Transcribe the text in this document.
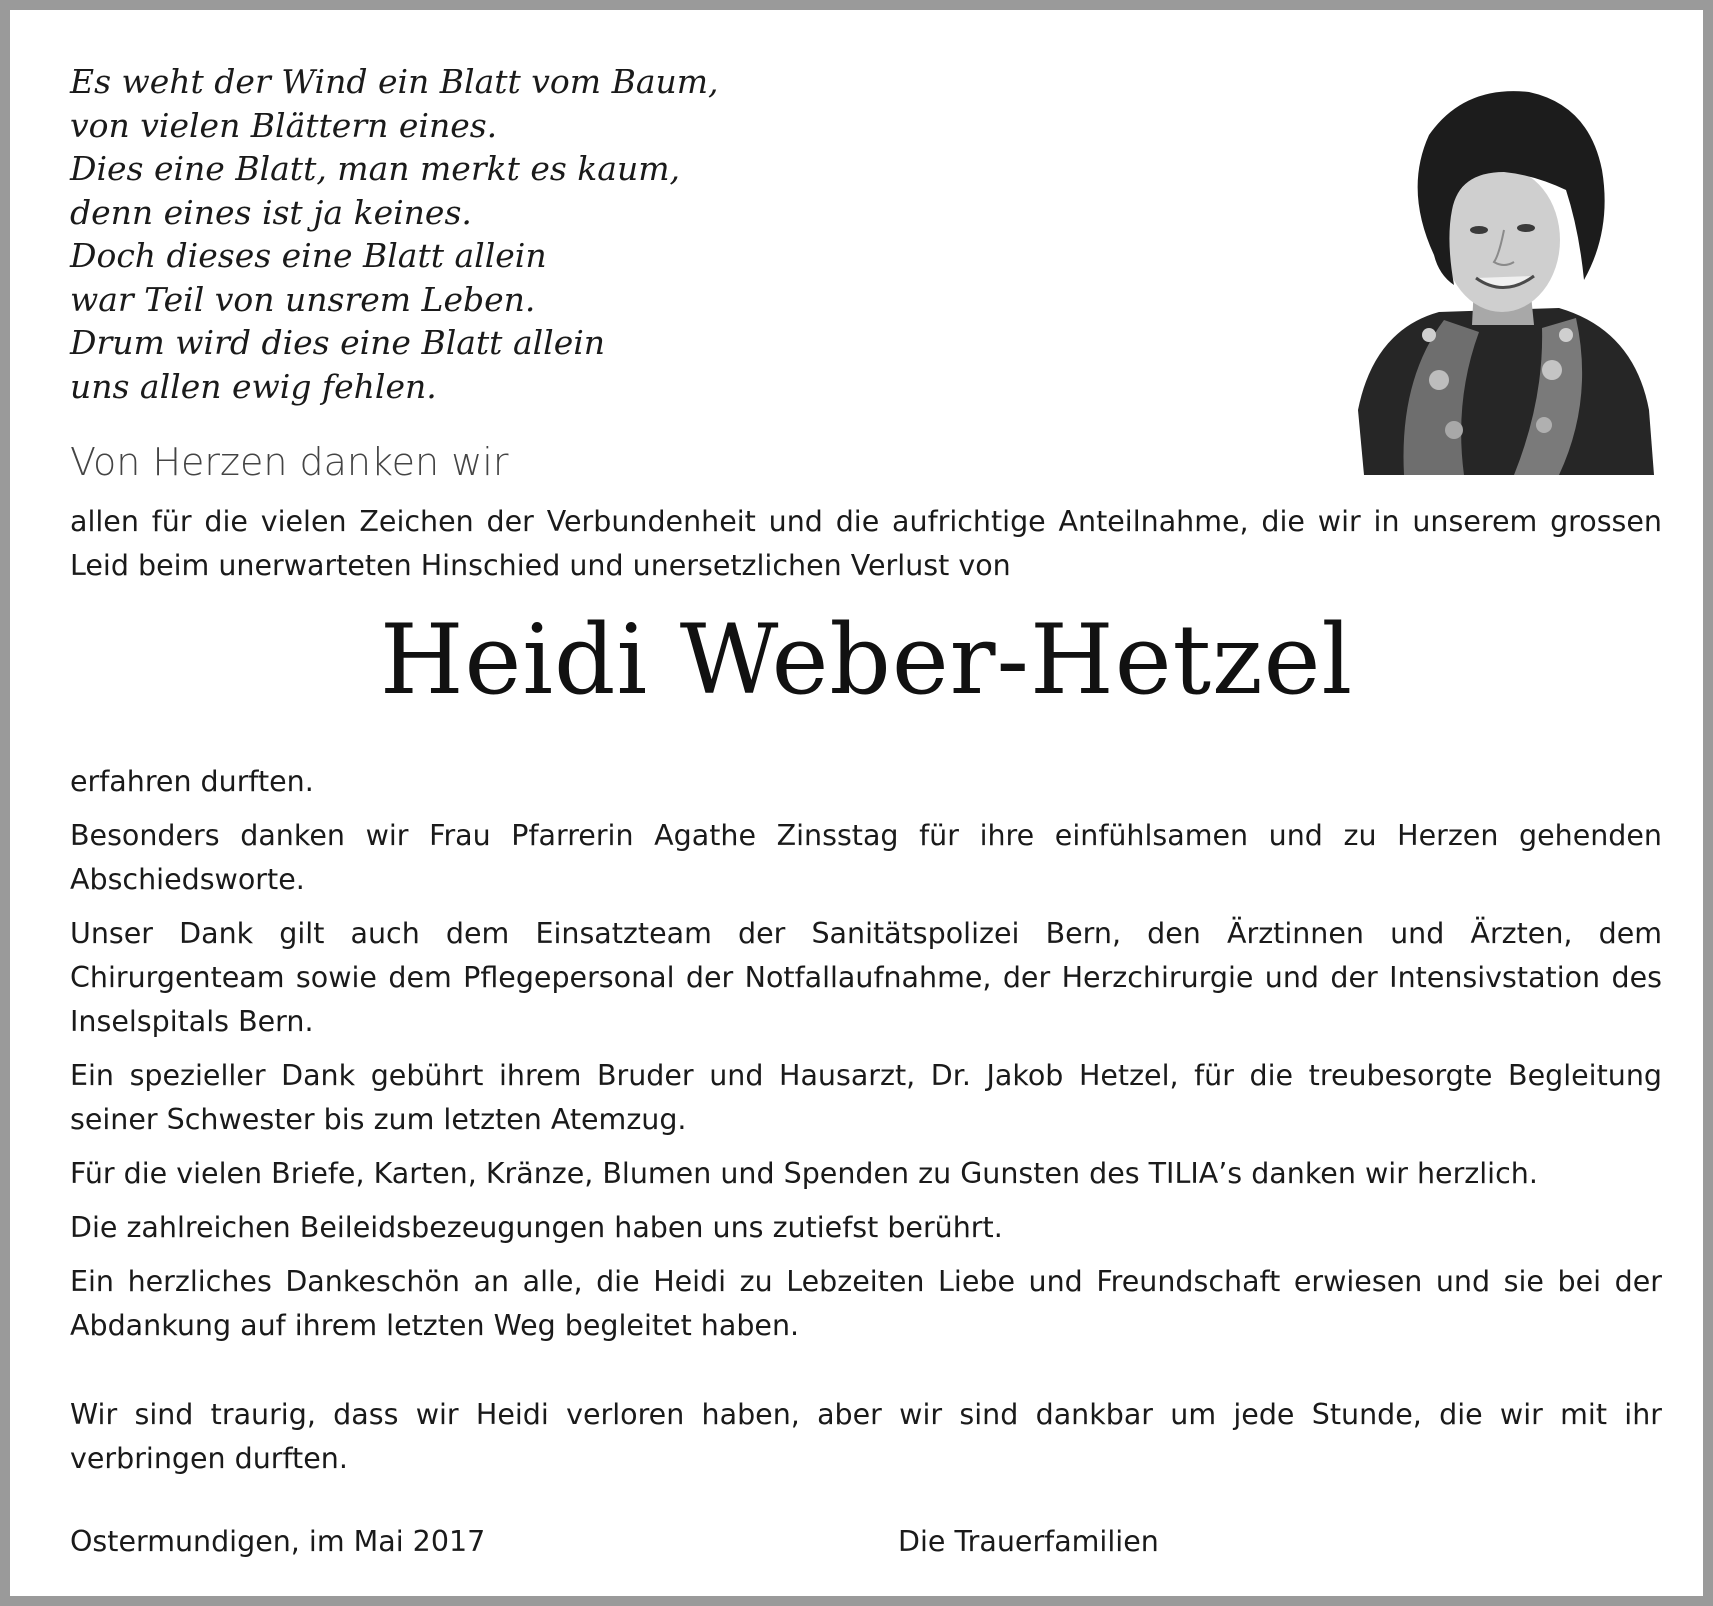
Es weht der Wind ein Blatt vom Baum,
von vielen Blättern eines.
Dies eine Blatt, man merkt es kaum,
denn eines ist ja keines.
Doch dieses eine Blatt allein
war Teil von unsrem Leben.
Drum wird dies eine Blatt allein
uns allen ewig fehlen.
Von Herzen danken wir
allen für die vielen Zeichen der Verbundenheit und die aufrichtige Anteilnahme, die wir in unserem grossen Leid beim unerwarteten Hinschied und unersetzlichen Verlust von
Heidi Weber-Hetzel

erfahren durften.

Besonders danken wir Frau Pfarrerin Agathe Zinsstag für ihre einfühlsamen und zu Herzen gehenden Abschiedsworte.

Unser Dank gilt auch dem Einsatzteam der Sanitätspolizei Bern, den Ärztinnen und Ärzten, dem Chirurgenteam sowie dem Pflegepersonal der Notfallaufnahme, der Herzchirurgie und der Intensivstation des Inselspitals Bern.

Ein spezieller Dank gebührt ihrem Bruder und Hausarzt, Dr. Jakob Hetzel, für die treubesorgte Begleitung seiner Schwester bis zum letzten Atemzug.

Für die vielen Briefe, Karten, Kränze, Blumen und Spenden zu Gunsten des TILIA’s danken wir herzlich.

Die zahlreichen Beileidsbezeugungen haben uns zutiefst berührt.

Ein herzliches Dankeschön an alle, die Heidi zu Lebzeiten Liebe und Freundschaft erwiesen und sie bei der Abdankung auf ihrem letzten Weg begleitet haben.

Wir sind traurig, dass wir Heidi verloren haben, aber wir sind dankbar um jede Stunde, die wir mit ihr verbringen durften.
Ostermundigen, im Mai 2017	Die Trauerfamilien
